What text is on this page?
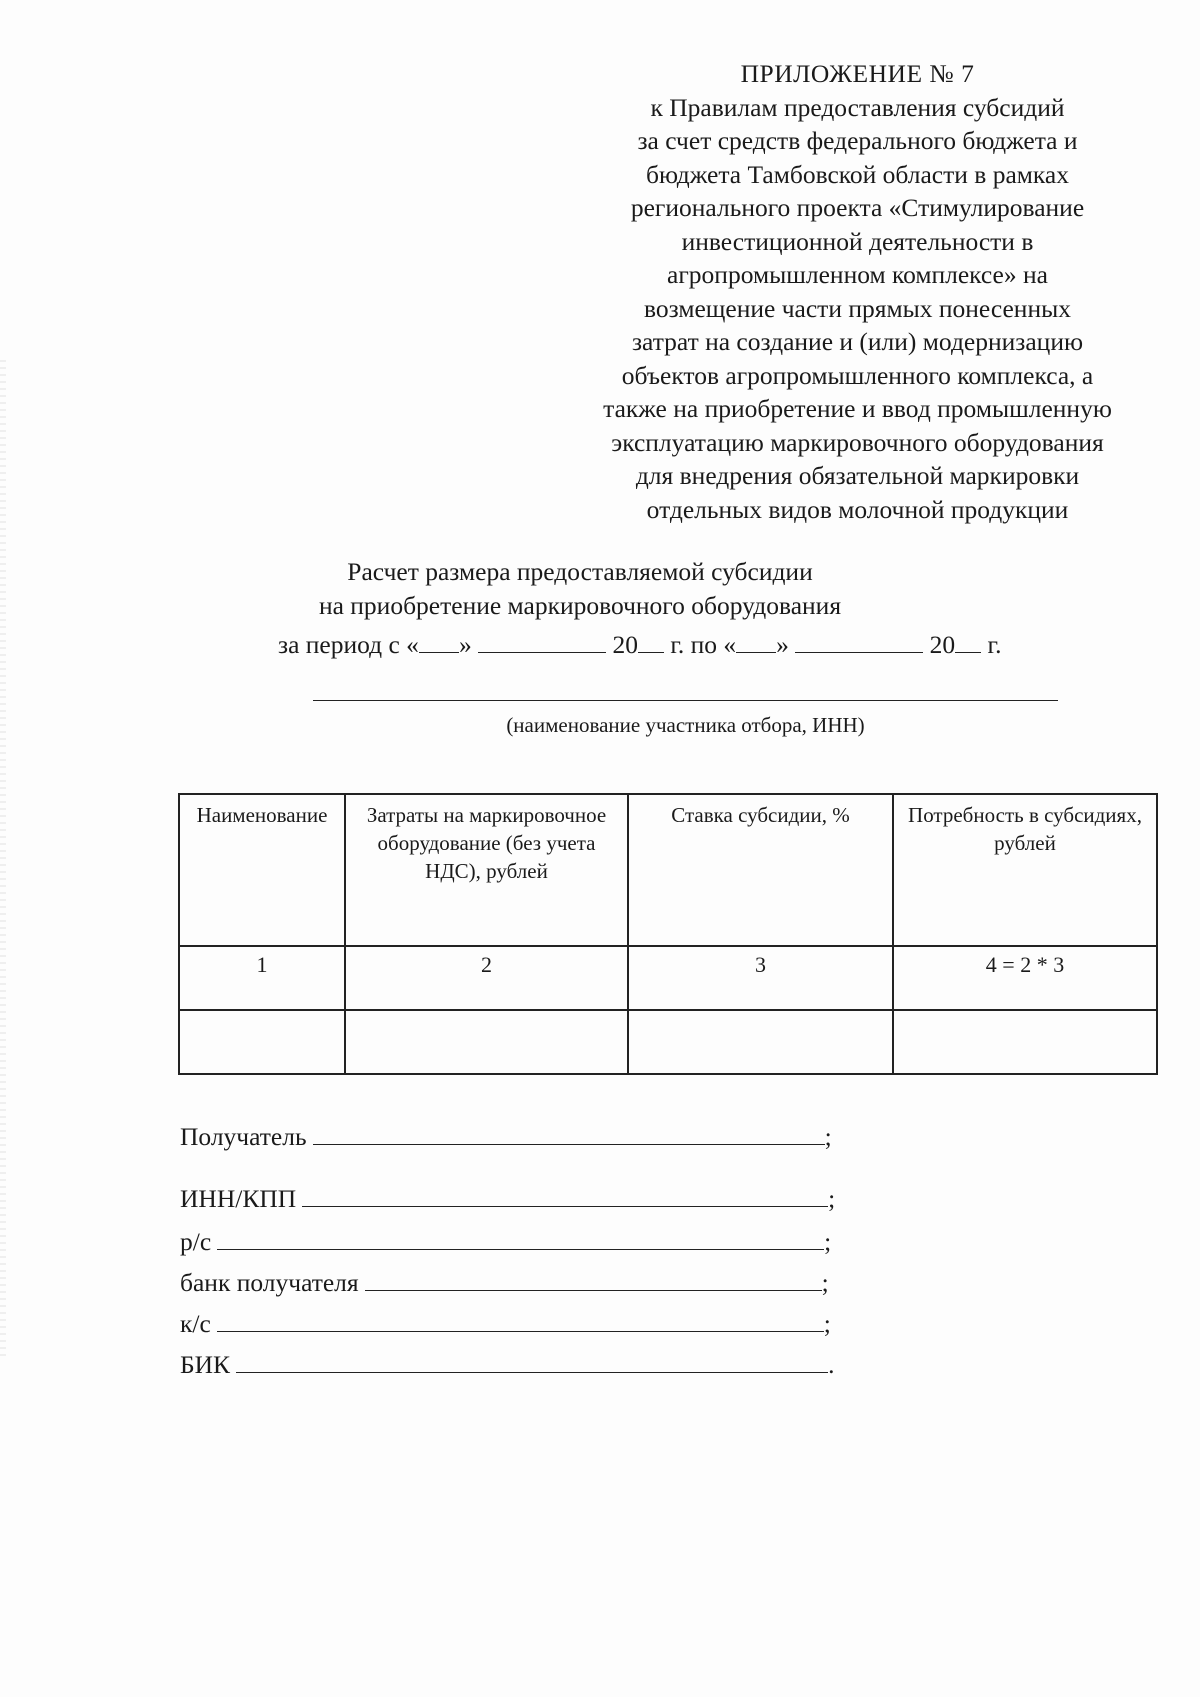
ПРИЛОЖЕНИЕ № 7
к Правилам предоставления субсидий
за счет средств федерального бюджета и
бюджета Тамбовской области в рамках
регионального проекта «Стимулирование
инвестиционной деятельности в
агропромышленном комплексе» на
возмещение части прямых понесенных
затрат на создание и (или) модернизацию
объектов агропромышленного комплекса, а
также на приобретение и ввод промышленную
эксплуатацию маркировочного оборудования
для внедрения обязательной маркировки
отдельных видов молочной продукции
Расчет размера предоставляемой субсидии
на приобретение маркировочного оборудования
за период с « »	20 г. по « »	20 г.
(наименование участника отбора, ИНН)
Наименование	Затраты на маркировочное оборудование (без учета НДС), рублей	Ставка субсидии, %	Потребность в субсидиях, рублей
1	2	3	4 = 2 * 3

Получатель	;
ИНН/КПП	;
р/с	;
банк получателя	;
к/с	;
БИК	.
